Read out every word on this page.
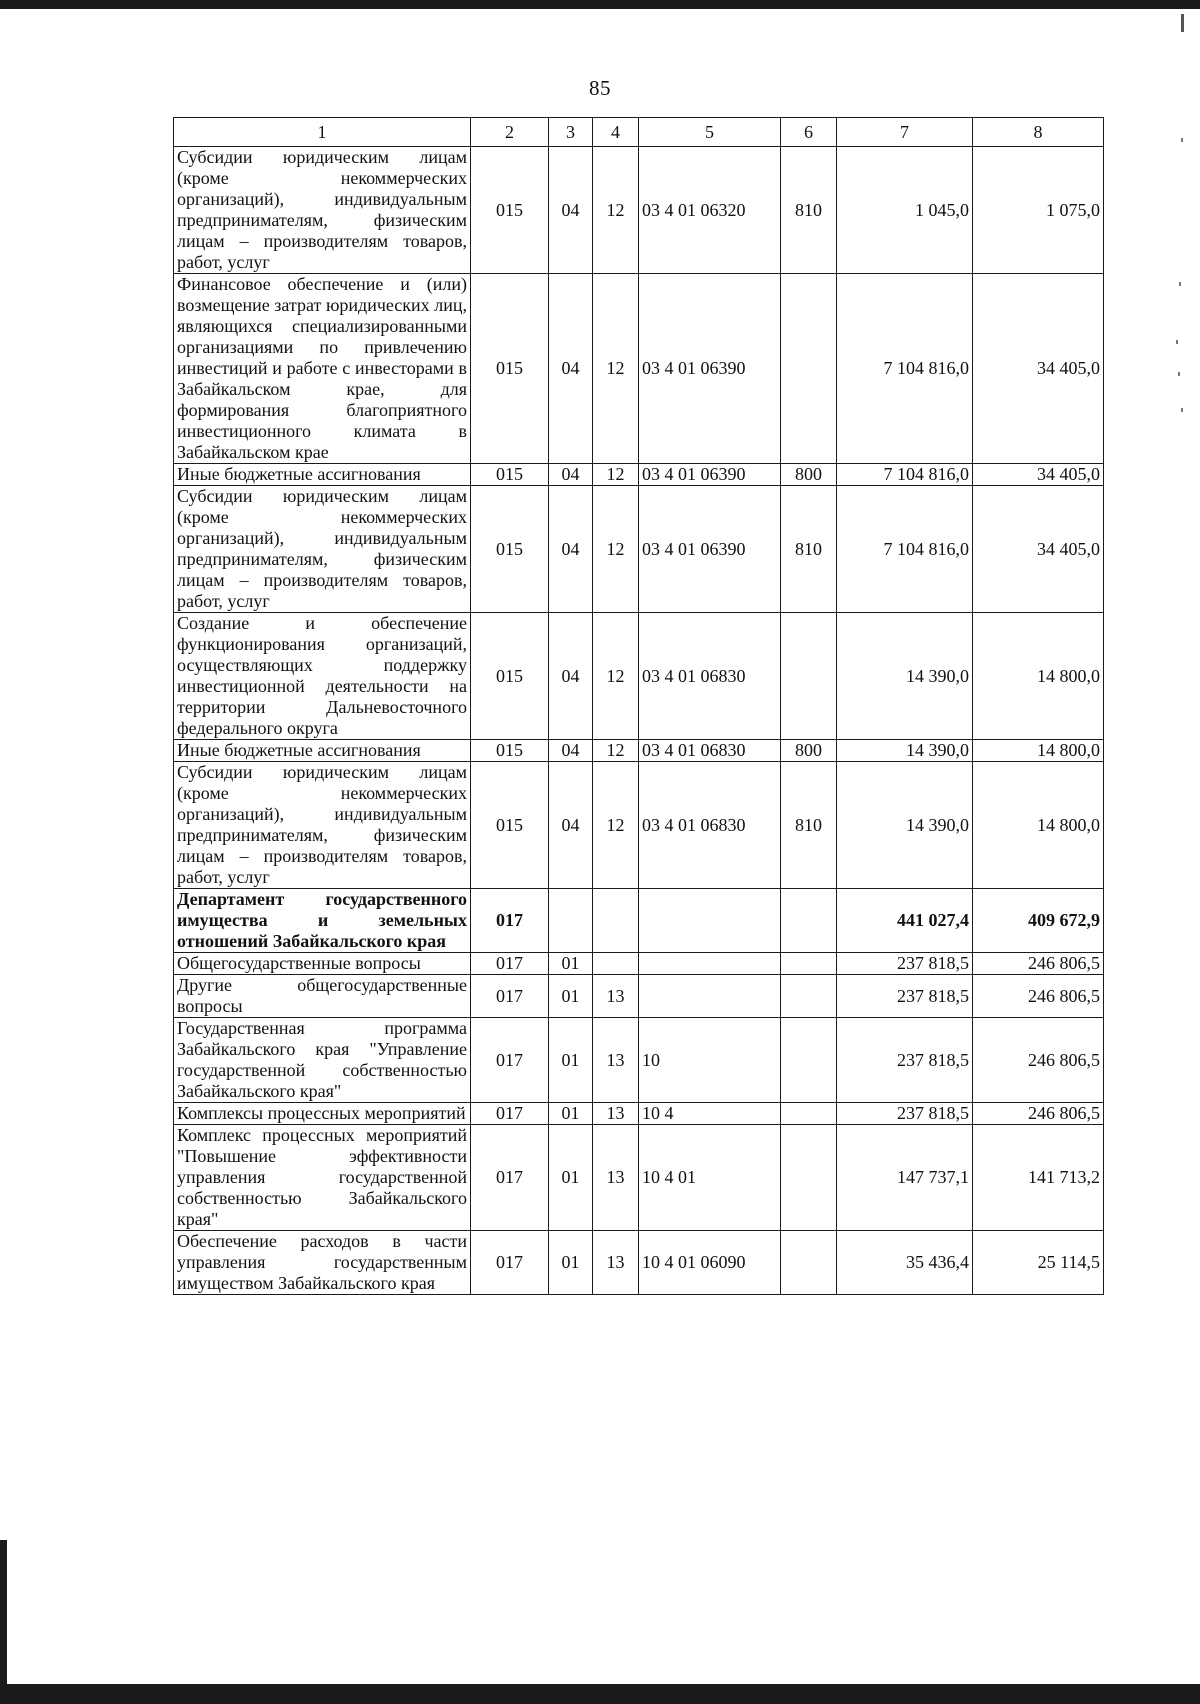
85
1	2	3	4	5	6	7	8
Субсидии юридическим лицам (кроме некоммерческих организаций), индивидуальным предпринимателям, физическим лицам – производителям товаров, работ, услуг	015	04	12	03 4 01 06320	810	1 045,0	1 075,0
Финансовое обеспечение и (или) возмещение затрат юридических лиц, являющихся специализированными организациями по привлечению инвестиций и работе с инвесторами в Забайкальском крае, для формирования благоприятного инвестиционного климата в Забайкальском крае	015	04	12	03 4 01 06390		7 104 816,0	34 405,0
Иные бюджетные ассигнования	015	04	12	03 4 01 06390	800	7 104 816,0	34 405,0
Субсидии юридическим лицам (кроме некоммерческих организаций), индивидуальным предпринимателям, физическим лицам – производителям товаров, работ, услуг	015	04	12	03 4 01 06390	810	7 104 816,0	34 405,0
Создание и обеспечение функционирования организаций, осуществляющих поддержку инвестиционной деятельности на территории Дальневосточного федерального округа	015	04	12	03 4 01 06830		14 390,0	14 800,0
Иные бюджетные ассигнования	015	04	12	03 4 01 06830	800	14 390,0	14 800,0
Субсидии юридическим лицам (кроме некоммерческих организаций), индивидуальным предпринимателям, физическим лицам – производителям товаров, работ, услуг	015	04	12	03 4 01 06830	810	14 390,0	14 800,0
Департамент государственного имущества и земельных отношений Забайкальского края	017					441 027,4	409 672,9
Общегосударственные вопросы	017	01				237 818,5	246 806,5
Другие общегосударственные вопросы	017	01	13			237 818,5	246 806,5
Государственная программа Забайкальского края "Управление государственной собственностью Забайкальского края"	017	01	13	10		237 818,5	246 806,5
Комплексы процессных мероприятий	017	01	13	10 4		237 818,5	246 806,5
Комплекс процессных мероприятий "Повышение эффективности управления государственной собственностью Забайкальского края"	017	01	13	10 4 01		147 737,1	141 713,2
Обеспечение расходов в части управления государственным имуществом Забайкальского края	017	01	13	10 4 01 06090		35 436,4	25 114,5
